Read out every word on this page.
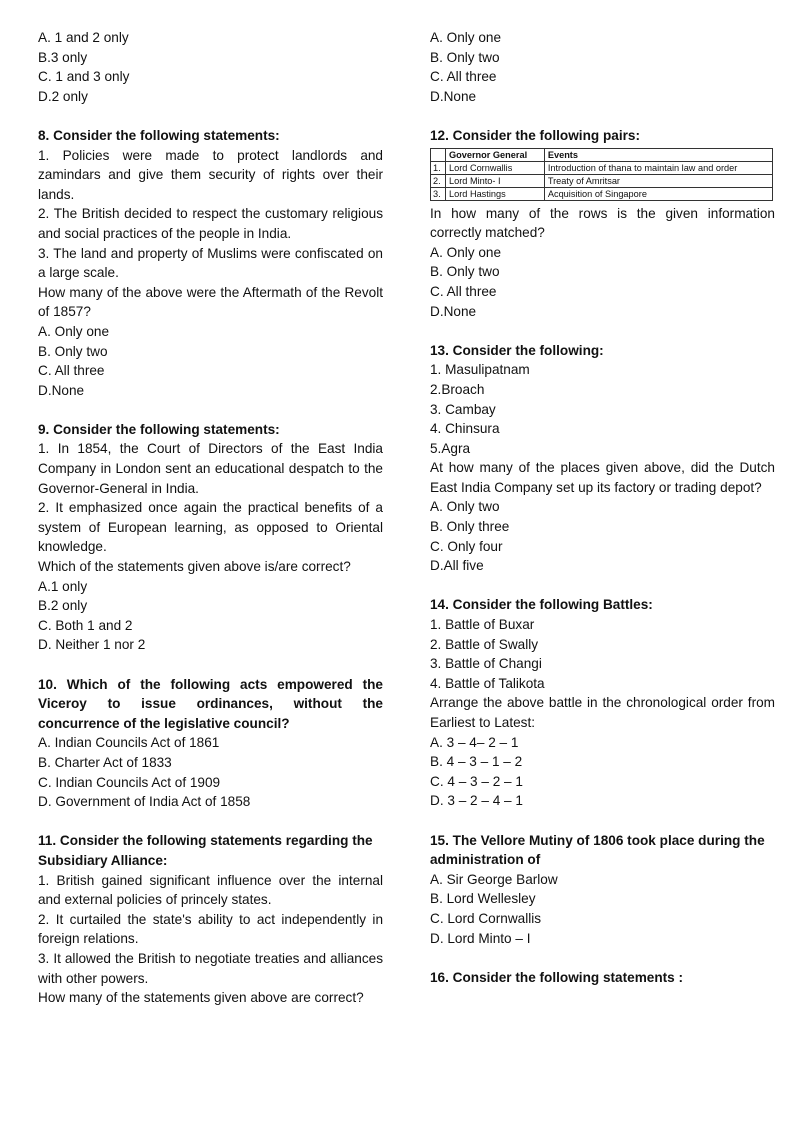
A. 1 and 2 only
B.3 only
C. 1 and 3 only
D.2 only
8. Consider the following statements:
1. Policies were made to protect landlords and zamindars and give them security of rights over their lands.
2. The British decided to respect the customary religious and social practices of the people in India.
3. The land and property of Muslims were confiscated on a large scale.
How many of the above were the Aftermath of the Revolt of 1857?
A. Only one
B. Only two
C. All three
D.None
9. Consider the following statements:
1. In 1854, the Court of Directors of the East India Company in London sent an educational despatch to the Governor-General in India.
2. It emphasized once again the practical benefits of a system of European learning, as opposed to Oriental knowledge.
Which of the statements given above is/are correct?
A.1 only
B.2 only
C. Both 1 and 2
D. Neither 1 nor 2
10. Which of the following acts empowered the Viceroy to issue ordinances, without the concurrence of the legislative council?
A. Indian Councils Act of 1861
B. Charter Act of 1833
C. Indian Councils Act of 1909
D. Government of India Act of 1858
11. Consider the following statements regarding the Subsidiary Alliance:
1. British gained significant influence over the internal and external policies of princely states.
2. It curtailed the state's ability to act independently in foreign relations.
3. It allowed the British to negotiate treaties and alliances with other powers.
How many of the statements given above are correct?
A. Only one
B. Only two
C. All three
D.None
12. Consider the following pairs:
	Governor General	Events
1.	Lord Cornwallis	Introduction of thana to maintain law and order
2.	Lord Minto- I	Treaty of Amritsar
3.	Lord Hastings	Acquisition of Singapore
In how many of the rows is the given information correctly matched?
A. Only one
B. Only two
C. All three
D.None
13. Consider the following:
1. Masulipatnam
2.Broach
3. Cambay
4. Chinsura
5.Agra
At how many of the places given above, did the Dutch East India Company set up its factory or trading depot?
A. Only two
B. Only three
C. Only four
D.All five
14. Consider the following Battles:
1. Battle of Buxar
2. Battle of Swally
3. Battle of Changi
4. Battle of Talikota
Arrange the above battle in the chronological order from Earliest to Latest:
A. 3 – 4– 2 – 1
B. 4 – 3 – 1 – 2
C. 4 – 3 – 2 – 1
D. 3 – 2 – 4 – 1
15. The Vellore Mutiny of 1806 took place during the administration of
A. Sir George Barlow
B. Lord Wellesley
C. Lord Cornwallis
D. Lord Minto – I
16. Consider the following statements :
